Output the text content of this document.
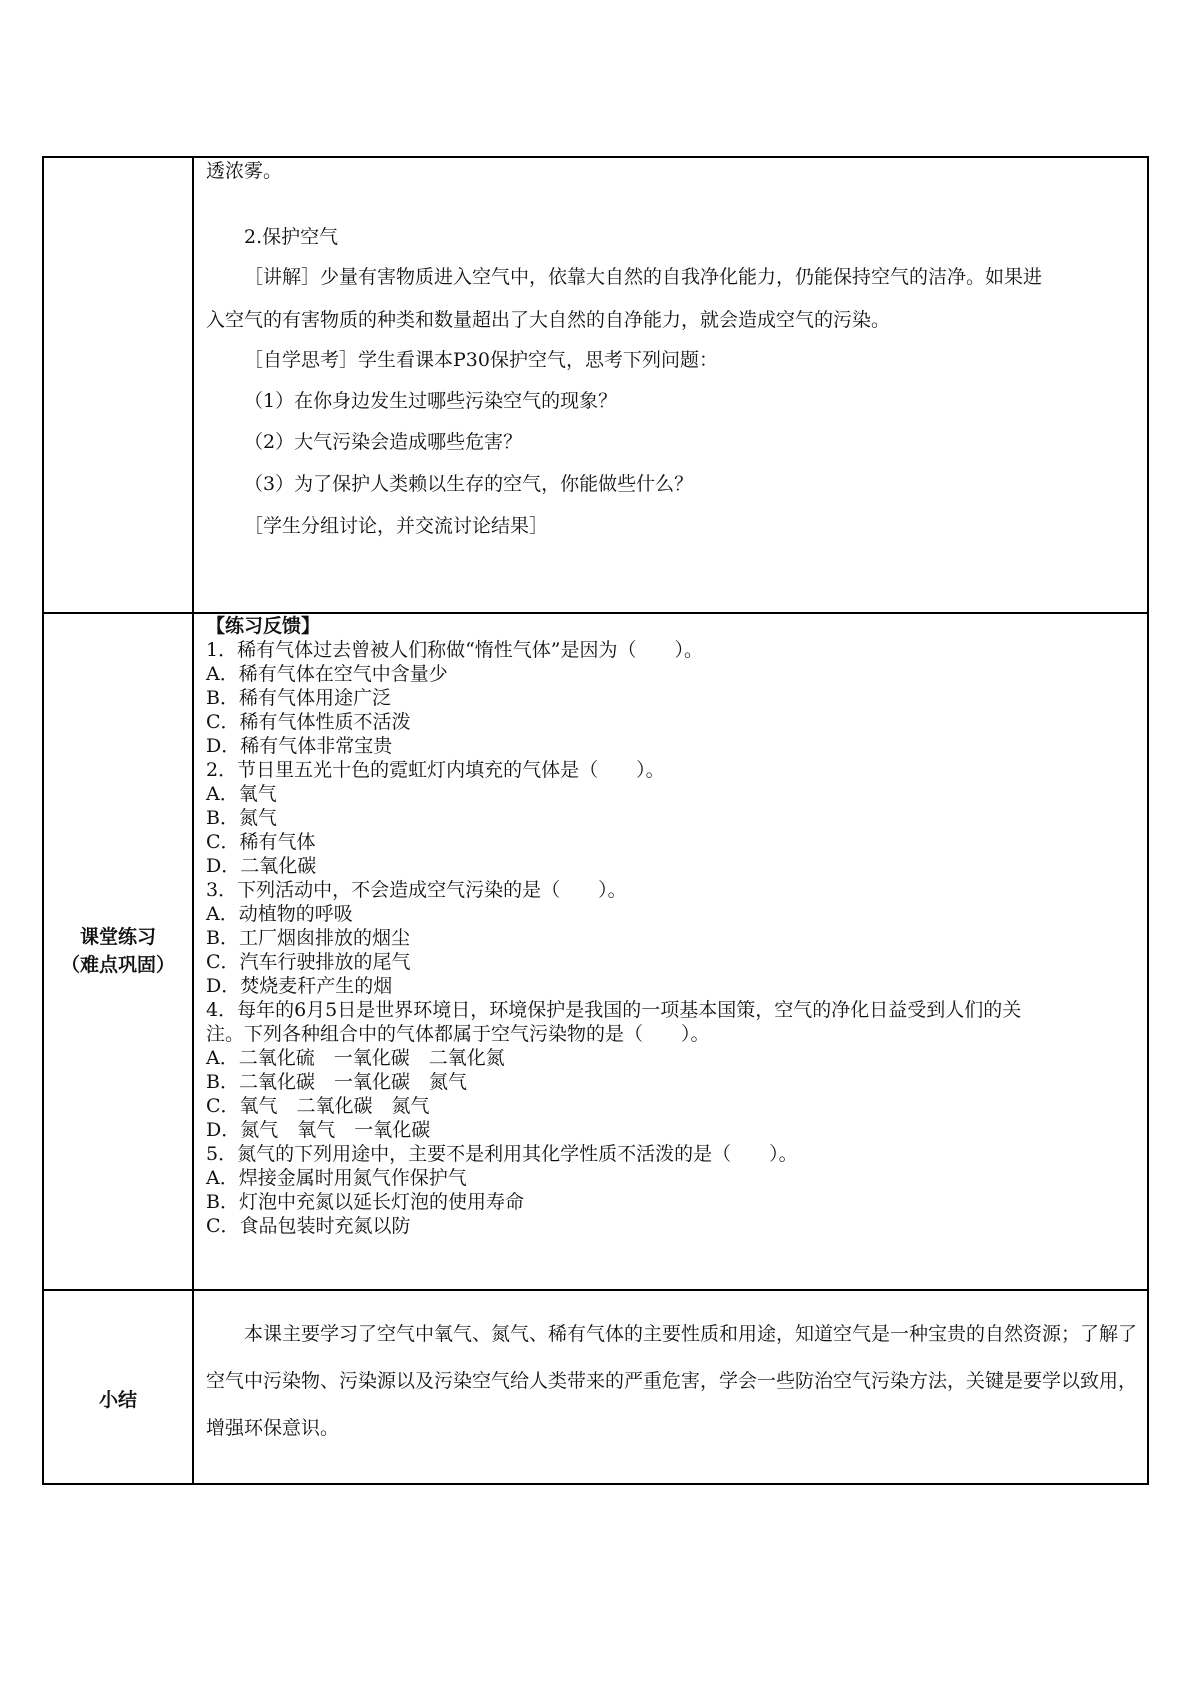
透浓雾。
2.保护空气
［讲解］少量有害物质进入空气中，依靠大自然的自我净化能力，仍能保持空气的洁净。如果进
入空气的有害物质的种类和数量超出了大自然的自净能力，就会造成空气的污染。
［自学思考］学生看课本P30保护空气，思考下列问题：
（1）在你身边发生过哪些污染空气的现象？
（2）大气污染会造成哪些危害？
（3）为了保护人类赖以生存的空气，你能做些什么？
［学生分组讨论，并交流讨论结果］
课堂练习
（难点巩固）

【练习反馈】

1．稀有气体过去曾被人们称做“惰性气体”是因为（　　）。

A．稀有气体在空气中含量少

B．稀有气体用途广泛

C．稀有气体性质不活泼

D．稀有气体非常宝贵

2．节日里五光十色的霓虹灯内填充的气体是（　　）。

A．氧气

B．氮气

C．稀有气体

D．二氧化碳

3．下列活动中，不会造成空气污染的是（　　）。

A．动植物的呼吸

B．工厂烟囱排放的烟尘

C．汽车行驶排放的尾气

D．焚烧麦秆产生的烟

4．每年的6月5日是世界环境日，环境保护是我国的一项基本国策，空气的净化日益受到人们的关

注。下列各种组合中的气体都属于空气污染物的是（　　）。

A．二氧化硫　一氧化碳　二氧化氮

B．二氧化碳　一氧化碳　氮气

C．氧气　二氧化碳　氮气

D．氮气　氧气　一氧化碳

5．氮气的下列用途中，主要不是利用其化学性质不活泼的是（　　）。

A．焊接金属时用氮气作保护气

B．灯泡中充氮以延长灯泡的使用寿命

C．食品包装时充氮以防

小结

本课主要学习了空气中氧气、氮气、稀有气体的主要性质和用途，知道空气是一种宝贵的自然资源；了解了空气中污染物、污染源以及污染空气给人类带来的严重危害，学会一些防治空气污染方法，关键是要学以致用，增强环保意识。
